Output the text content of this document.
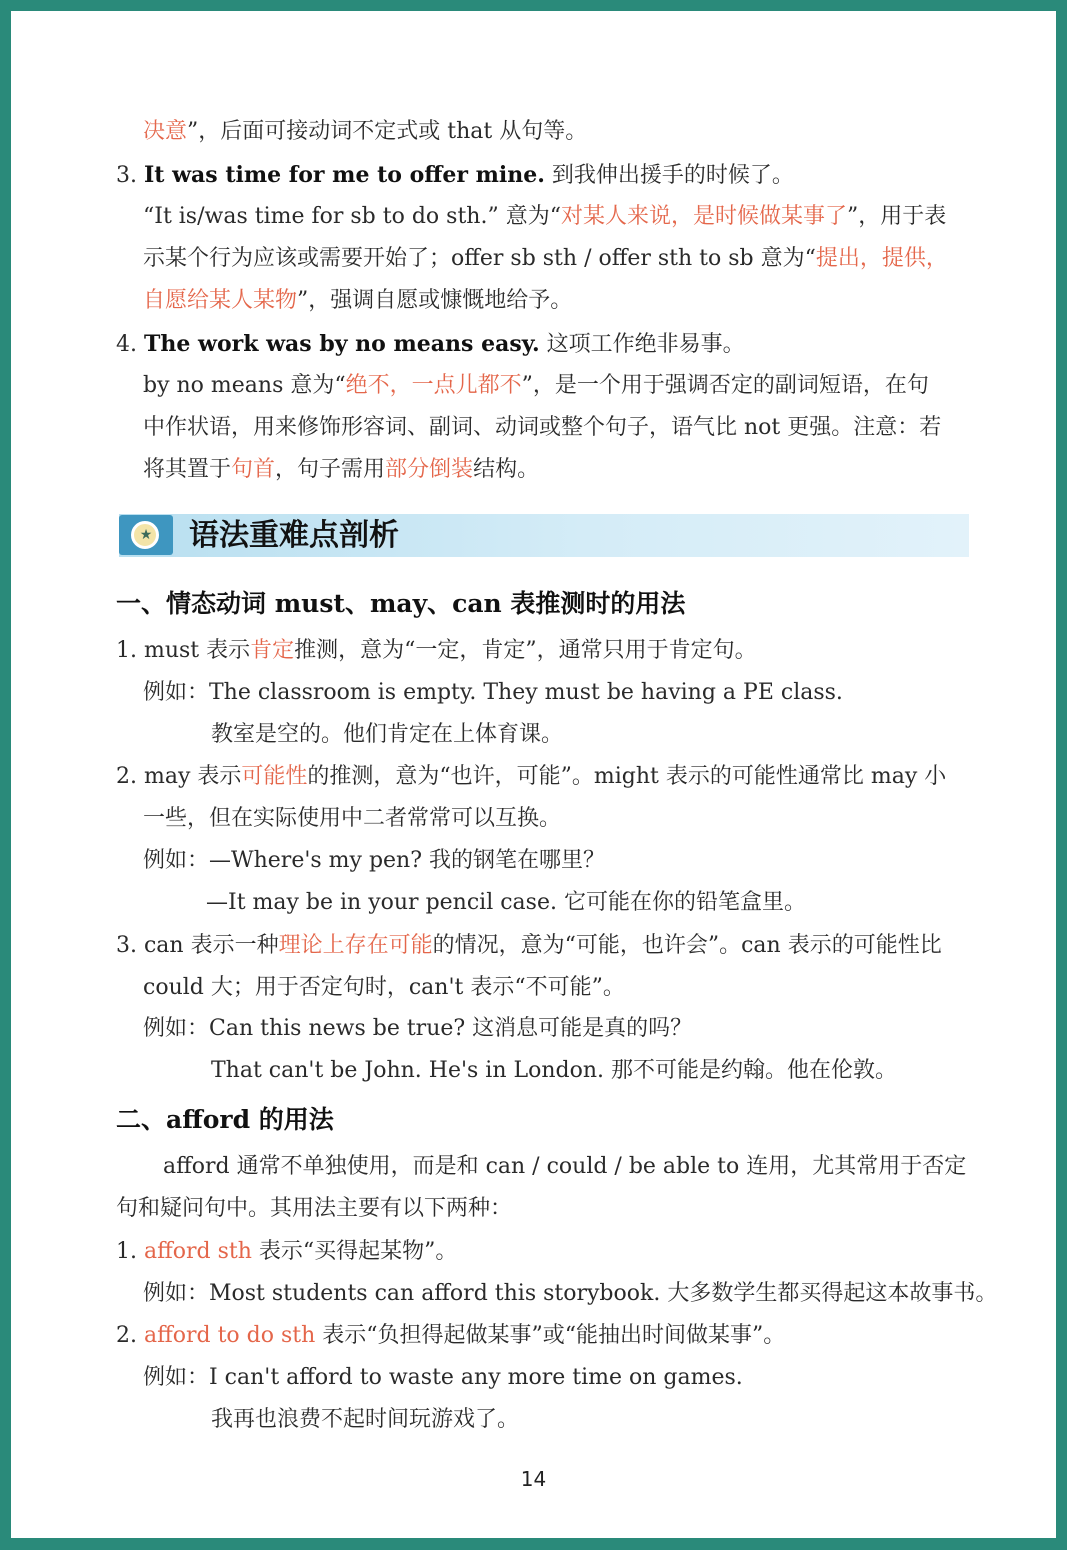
决意”，后面可接动词不定式或 that 从句等。
3. It was time for me to offer mine. 到我伸出援手的时候了。
“It is/was time for sb to do sth.” 意为“对某人来说，是时候做某事了”，用于表
示某个行为应该或需要开始了；offer sb sth / offer sth to sb 意为“提出，提供，
自愿给某人某物”，强调自愿或慷慨地给予。
4. The work was by no means easy. 这项工作绝非易事。
by no means 意为“绝不，一点儿都不”，是一个用于强调否定的副词短语，在句
中作状语，用来修饰形容词、副词、动词或整个句子，语气比 not 更强。注意：若
将其置于句首，句子需用部分倒装结构。
★	语法重难点剖析
一、情态动词 must、may、can 表推测时的用法
1. must 表示肯定推测，意为“一定，肯定”，通常只用于肯定句。
例如：The classroom is empty. They must be having a PE class.
教室是空的。他们肯定在上体育课。
2. may 表示可能性的推测，意为“也许，可能”。might 表示的可能性通常比 may 小
一些，但在实际使用中二者常常可以互换。
例如：—Where's my pen? 我的钢笔在哪里？
—It may be in your pencil case. 它可能在你的铅笔盒里。
3. can 表示一种理论上存在可能的情况，意为“可能，也许会”。can 表示的可能性比
could 大；用于否定句时，can't 表示“不可能”。
例如：Can this news be true? 这消息可能是真的吗？
That can't be John. He's in London. 那不可能是约翰。他在伦敦。
二、afford 的用法
afford 通常不单独使用，而是和 can / could / be able to 连用，尤其常用于否定
句和疑问句中。其用法主要有以下两种：
1. afford sth 表示“买得起某物”。
例如：Most students can afford this storybook. 大多数学生都买得起这本故事书。
2. afford to do sth 表示“负担得起做某事”或“能抽出时间做某事”。
例如：I can't afford to waste any more time on games.
我再也浪费不起时间玩游戏了。
14
